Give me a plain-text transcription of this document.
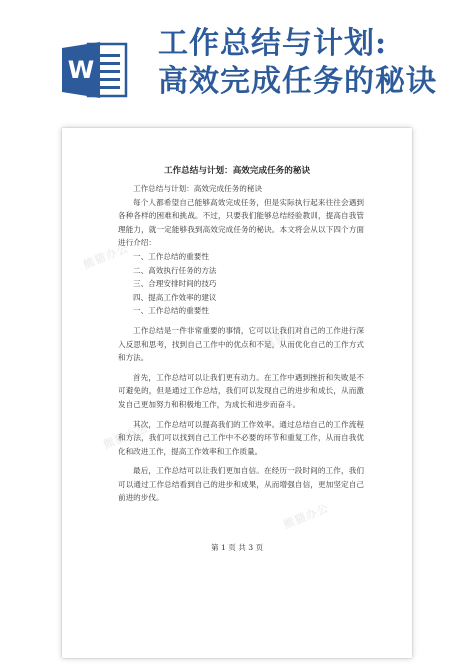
W
工作总结与计划:
高效完成任务的秘诀
熊猫办公
熊猫办公
熊猫办公
熊猫办公
工作总结与计划：高效完成任务的秘诀

工作总结与计划：高效完成任务的秘诀

每个人都希望自己能够高效完成任务，但是实际执行起来往往会遇到各种各样的困难和挑战。不过，只要我们能够总结经验教训，提高自我管理能力，就一定能够我到高效完成任务的秘诀。本文将会从以下四个方面进行介绍：

一、工作总结的重要性

二、高效执行任务的方法

三、合理安排时间的技巧

四、提高工作效率的建议

一、工作总结的重要性

工作总结是一件非常重要的事情，它可以让我们对自己的工作进行深入反思和思考，找到自己工作中的优点和不足，从而优化自己的工作方式和方法。

首先，工作总结可以让我们更有动力。在工作中遇到挫折和失败是不可避免的，但是通过工作总结，我们可以发现自己的进步和成长，从而激发自己更加努力和积极地工作，为成长和进步而奋斗。

其次，工作总结可以提高我们的工作效率。通过总结自己的工作流程和方法，我们可以找到自己工作中不必要的环节和重复工作，从而自我优化和改进工作，提高工作效率和工作质量。

最后，工作总结可以让我们更加自信。在经历一段时间的工作，我们可以通过工作总结看到自己的进步和成果，从而增强自信，更加坚定自己前进的步伐。

第 1 页 共 3 页
